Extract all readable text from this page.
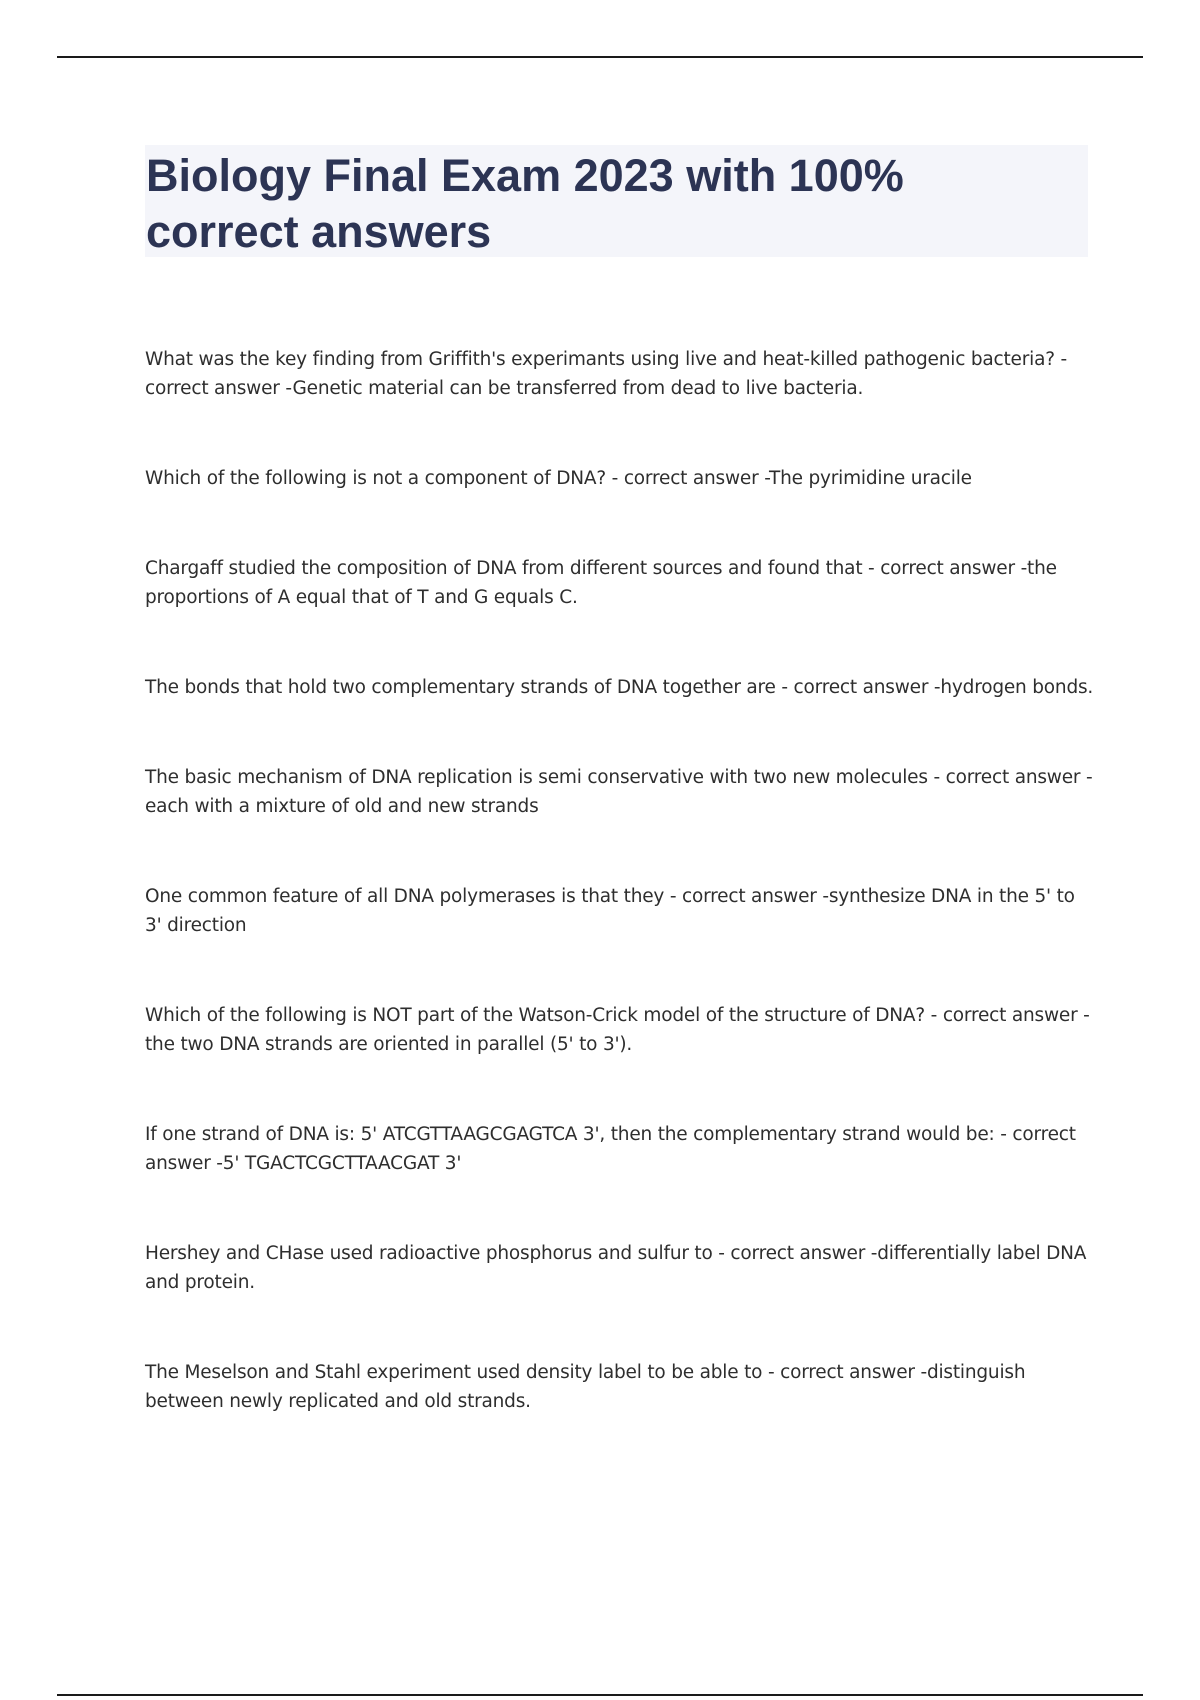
Biology Final Exam 2023 with 100% correct answers

What was the key finding from Griffith's experimants using live and heat-killed pathogenic bacteria? - correct answer -Genetic material can be transferred from dead to live bacteria.

Which of the following is not a component of DNA? - correct answer -The pyrimidine uracile

Chargaff studied the composition of DNA from different sources and found that - correct answer -the proportions of A equal that of T and G equals C.

The bonds that hold two complementary strands of DNA together are - correct answer -hydrogen bonds.

The basic mechanism of DNA replication is semi conservative with two new molecules - correct answer - each with a mixture of old and new strands

One common feature of all DNA polymerases is that they - correct answer -synthesize DNA in the 5' to 3' direction

Which of the following is NOT part of the Watson-Crick model of the structure of DNA? - correct answer -the two DNA strands are oriented in parallel (5' to 3').

If one strand of DNA is: 5' ATCGTTAAGCGAGTCA 3', then the complementary strand would be: - correct answer -5' TGACTCGCTTAACGAT 3'

Hershey and CHase used radioactive phosphorus and sulfur to - correct answer -differentially label DNA and protein.

The Meselson and Stahl experiment used density label to be able to - correct answer -distinguish between newly replicated and old strands.
